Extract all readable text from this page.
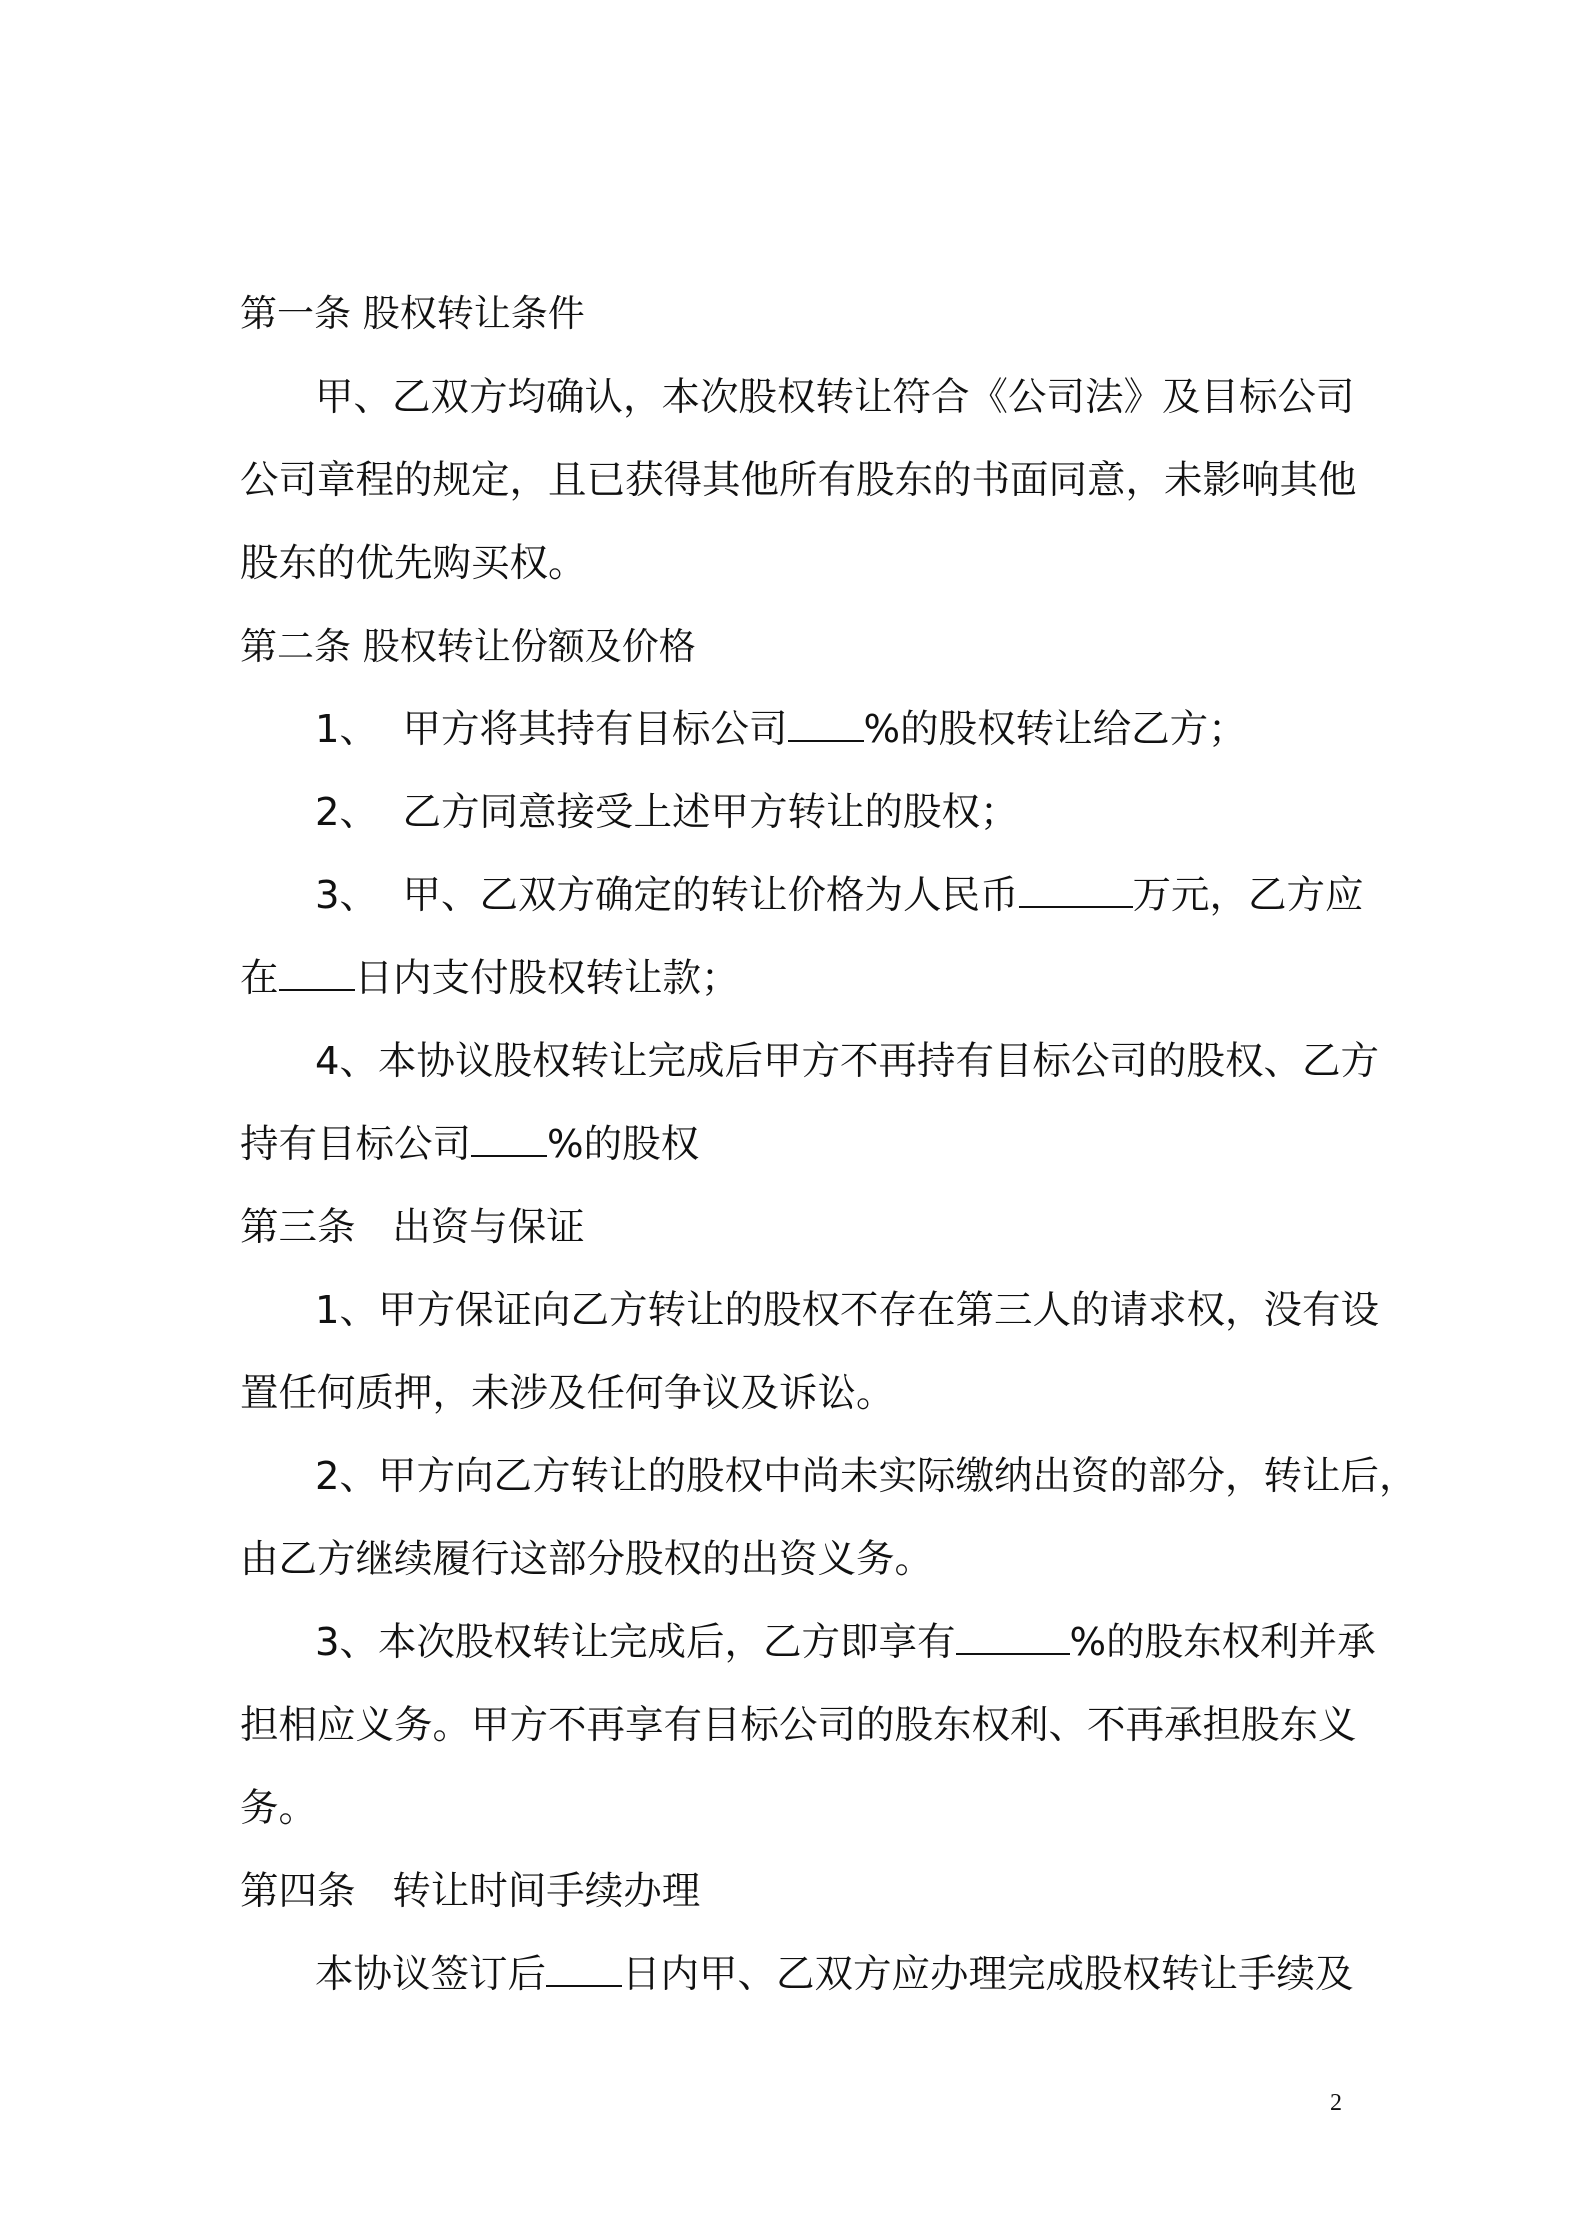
第一条 股权转让条件
甲、乙双方均确认，本次股权转让符合《公司法》及目标公司
公司章程的规定，且已获得其他所有股东的书面同意，未影响其他
股东的优先购买权。
第二条 股权转让份额及价格
1、 甲方将其持有目标公司 %的股权转让给乙方；
2、 乙方同意接受上述甲方转让的股权；
3、 甲、乙双方确定的转让价格为人民币	万元，乙方应
在 日内支付股权转让款；
4、本协议股权转让完成后甲方不再持有目标公司的股权、乙方
持有目标公司 %的股权
第三条 出资与保证
1、甲方保证向乙方转让的股权不存在第三人的请求权，没有设
置任何质押，未涉及任何争议及诉讼。
2、甲方向乙方转让的股权中尚未实际缴纳出资的部分，转让后，
由乙方继续履行这部分股权的出资义务。
3、本次股权转让完成后，乙方即享有	%的股东权利并承
担相应义务。甲方不再享有目标公司的股东权利、不再承担股东义
务。
第四条 转让时间手续办理
本协议签订后 日内甲、乙双方应办理完成股权转让手续及
2
